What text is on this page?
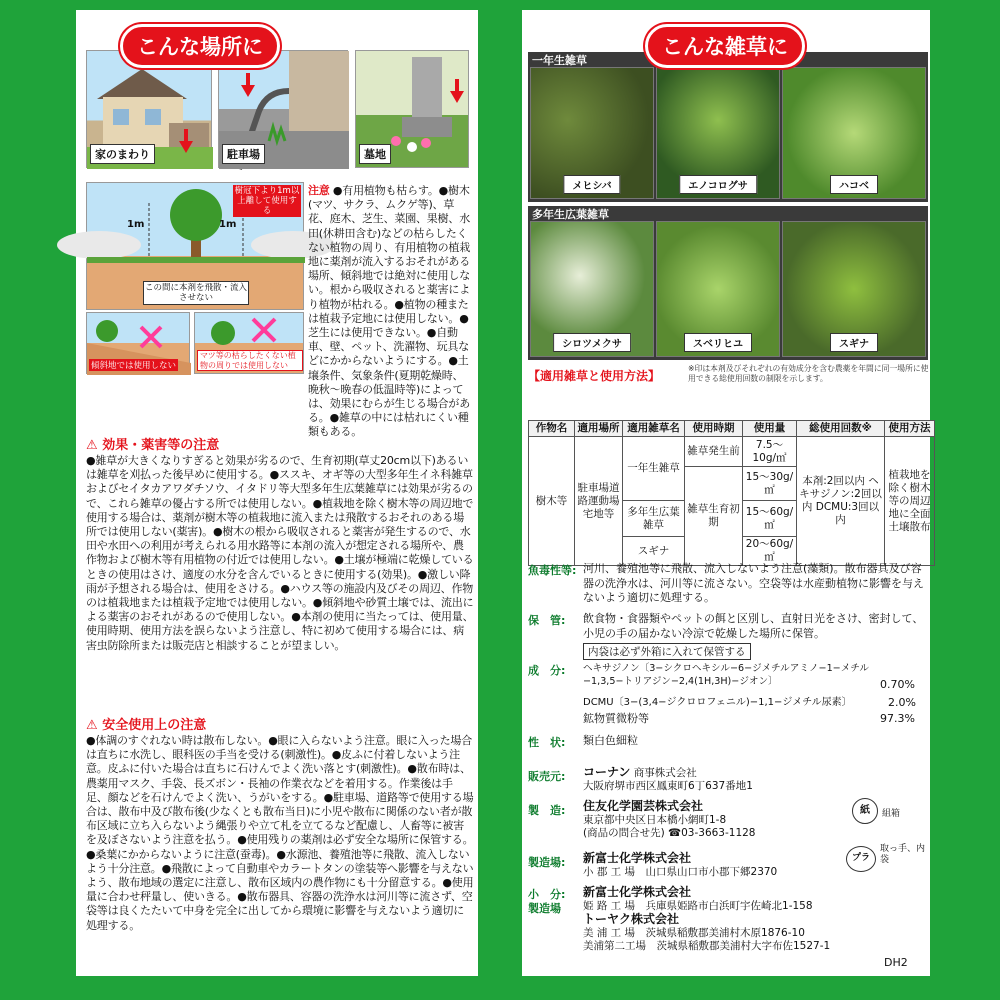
こんな場所に
家のまわり	駐車場	墓地
1m	1m
樹冠下より1m以上離して使用する
この間に本剤を飛散・流入させない
傾斜地では使用しない
マツ等の枯らしたくない植物の周りでは使用しない
注意 ●有用植物も枯らす。●樹木(マツ、サクラ、ムクゲ等)、草花、庭木、芝生、菜園、果樹、水田(休耕田含む)などの枯らしたくない植物の周り、有用植物の植栽地に薬剤が流入するおそれがある場所、傾斜地では絶対に使用しない。根から吸収されると薬害により植物が枯れる。●植物の種または植栽予定地には使用しない。●芝生には使用できない。●自動車、壁、ペット、洗濯物、玩具などにかからないようにする。●土壌条件、気象条件(夏期乾燥時、晩秋〜晩春の低温時等)によっては、効果にむらが生じる場合がある。●雑草の中には枯れにくい種類もある。
⚠ 効果・薬害等の注意
●雑草が大きくなりすぎると効果が劣るので、生育初期(草丈20cm以下)あるいは雑草を刈払った後早めに使用する。●ススキ、オギ等の大型多年生イネ科雑草およびセイタカアワダチソウ、イタドリ等大型多年生広葉雑草には効果が劣るので、これら雑草の優占する所では使用しない。●植栽地を除く樹木等の周辺地で使用する場合は、薬剤が樹木等の植栽地に流入または飛散するおそれのある場所では使用しない(薬害)。●樹木の根から吸収されると薬害が発生するので、水田や水田への利用が考えられる用水路等に本剤の流入が想定される場所や、農作物および樹木等有用植物の付近では使用しない。●土壌が極端に乾燥しているときの使用はさけ、適度の水分を含んでいるときに使用する(効果)。●激しい降雨が予想される場合は、使用をさける。●ハウス等の施設内及びその周辺、作物のは植栽地または植栽予定地では使用しない。●傾斜地や砂質土壌では、流出による薬害のおそれがあるので使用しない。●本剤の使用に当たっては、使用量、使用時期、使用方法を誤らないよう注意し、特に初めて使用する場合には、病害虫防除所または販売店と相談することが望ましい。
⚠ 安全使用上の注意
●体調のすぐれない時は散布しない。●眼に入らないよう注意。眼に入った場合は直ちに水洗し、眼科医の手当を受ける(刺激性)。●皮ふに付着しないよう注意。皮ふに付いた場合は直ちに石けんでよく洗い落とす(刺激性)。●散布時は、農薬用マスク、手袋、長ズボン・長袖の作業衣などを着用する。作業後は手足、顔などを石けんでよく洗い、うがいをする。●駐車場、道路等で使用する場合は、散布中及び散布後(少なくとも散布当日)に小児や散布に関係のない者が散布区域に立ち入らないよう縄張りや立て札を立てるなど配慮し、人畜等に被害を及ぼさないよう注意を払う。●使用残りの薬剤は必ず安全な場所に保管する。●桑葉にかからないように注意(蚕毒)。●水源池、養殖池等に飛散、流入しないよう十分注意。●飛散によって自動車やカラートタンの塗装等へ影響を与えないよう、散布地域の選定に注意し、散布区域内の農作物にも十分留意する。●使用量に合わせ秤量し、使いきる。●散布器具、容器の洗浄水は河川等に流さず、空袋等は良くたたいて中身を完全に出してから環境に影響を与えないよう適切に処理する。
こんな雑草に
一年生雑草
メヒシバ	エノコログサ	ハコベ
多年生広葉雑草
シロツメクサ	スベリヒユ	スギナ
【適用雑草と使用方法】
※印は本剤及びそれぞれの有効成分を含む農薬を年間に同一場所に使用できる総使用回数の制限を示します。
作物名	適用場所	適用雑草名	使用時期	使用量	総使用回数※	使用方法
樹木等	駐車場道路運動場宅地等	一年生雑草	雑草発生前	7.5〜10g/㎡	本剤:2回以内 ヘキサジノン:2回以内 DCMU:3回以内	植栽地を除く樹木等の周辺地に全面土壌散布
			雑草生育初期	15〜30g/㎡		
		多年生広葉雑草		15〜60g/㎡		
		スギナ		20〜60g/㎡		
魚毒性等: 河川、養殖池等に飛散、流入しないよう注意(藻類)。散布器具及び容器の洗浄水は、河川等に流さない。空袋等は水産動植物に影響を与えないよう適切に処理する。
保　管: 飲食物・食器類やペットの餌と区別し、直射日光をさけ、密封して、小児の手の届かない冷涼で乾燥した場所に保管。
内袋は必ず外箱に入れて保管する
成　分: ヘキサジノン〔3−シクロヘキシル−6−ジメチルアミノ−1−メチル−1,3,5−トリアジン−2,4(1H,3H)−ジオン〕	0.70%
DCMU〔3−(3,4−ジクロロフェニル)−1,1−ジメチル尿素〕	2.0%
鉱物質微粉等	97.3%
性　状: 類白色細粒
販売元: コーナン 商事株式会社
大阪府堺市西区鳳東町6丁637番地1
製　造: 住友化学園芸株式会社
東京都中央区日本橋小網町1-8
(商品の問合せ先) ☎03-3663-1128
製造場: 新富士化学株式会社
小 郡 工 場　山口県山口市小郡下郷2370
小　分:
製造場
新富士化学株式会社
姫 路 工 場　兵庫県姫路市白浜町宇佐崎北1-158
トーヤク株式会社
美 浦 工 場　茨城県稲敷郡美浦村木原1876-10
美浦第二工場　茨城県稲敷郡美浦村大字布佐1527-1
紙	組箱
プラ
取っ手、内袋
DH2
